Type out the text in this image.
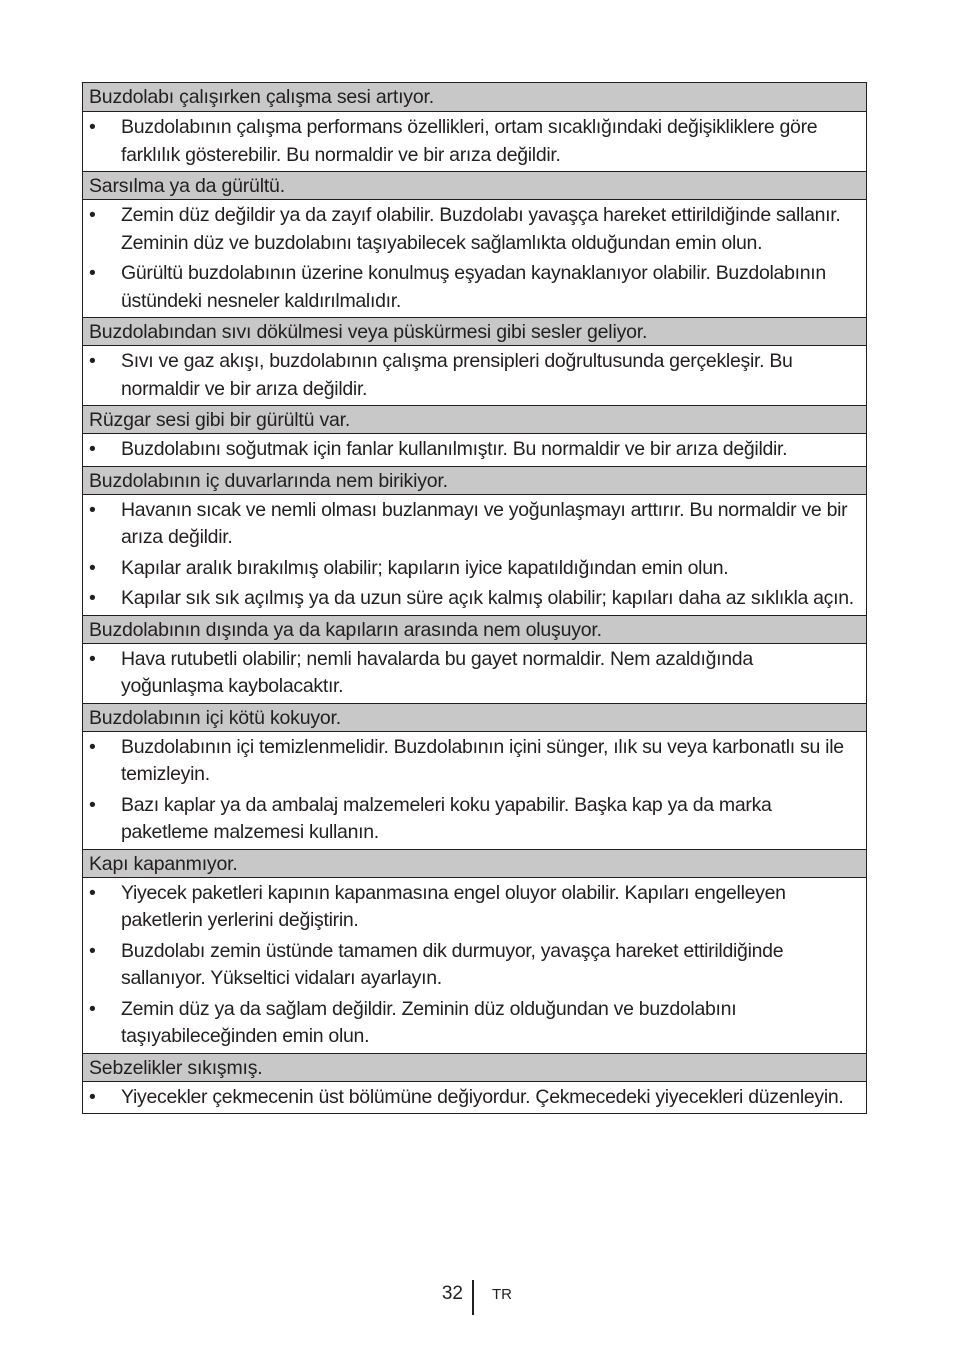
Buzdolabı çalışırken çalışma sesi artıyor.
• Buzdolabının çalışma performans özellikleri, ortam sıcaklığındaki değişikliklere göre farklılık gösterebilir. Bu normaldir ve bir arıza değildir.
Sarsılma ya da gürültü.
• Zemin düz değildir ya da zayıf olabilir. Buzdolabı yavaşça hareket ettirildiğinde sallanır. Zeminin düz ve buzdolabını taşıyabilecek sağlamlıkta olduğundan emin olun.
• Gürültü buzdolabının üzerine konulmuş eşyadan kaynaklanıyor olabilir. Buzdolabının üstündeki nesneler kaldırılmalıdır.
Buzdolabından sıvı dökülmesi veya püskürmesi gibi sesler geliyor.
• Sıvı ve gaz akışı, buzdolabının çalışma prensipleri doğrultusunda gerçekleşir. Bu normaldir ve bir arıza değildir.
Rüzgar sesi gibi bir gürültü var.
• Buzdolabını soğutmak için fanlar kullanılmıştır. Bu normaldir ve bir arıza değildir.
Buzdolabının iç duvarlarında nem birikiyor.
• Havanın sıcak ve nemli olması buzlanmayı ve yoğunlaşmayı arttırır. Bu normaldir ve bir arıza değildir.
• Kapılar aralık bırakılmış olabilir; kapıların iyice kapatıldığından emin olun.
• Kapılar sık sık açılmış ya da uzun süre açık kalmış olabilir; kapıları daha az sıklıkla açın.
Buzdolabının dışında ya da kapıların arasında nem oluşuyor.
• Hava rutubetli olabilir; nemli havalarda bu gayet normaldir. Nem azaldığında yoğunlaşma kaybolacaktır.
Buzdolabının içi kötü kokuyor.
• Buzdolabının içi temizlenmelidir. Buzdolabının içini sünger, ılık su veya karbonatlı su ile temizleyin.
• Bazı kaplar ya da ambalaj malzemeleri koku yapabilir. Başka kap ya da marka paketleme malzemesi kullanın.
Kapı kapanmıyor.
• Yiyecek paketleri kapının kapanmasına engel oluyor olabilir. Kapıları engelleyen paketlerin yerlerini değiştirin.
• Buzdolabı zemin üstünde tamamen dik durmuyor, yavaşça hareket ettirildiğinde sallanıyor. Yükseltici vidaları ayarlayın.
• Zemin düz ya da sağlam değildir. Zeminin düz olduğundan ve buzdolabını taşıyabileceğinden emin olun.
Sebzelikler sıkışmış.
• Yiyecekler çekmecenin üst bölümüne değiyordur. Çekmecedeki yiyecekleri düzenleyin.
32 TR
